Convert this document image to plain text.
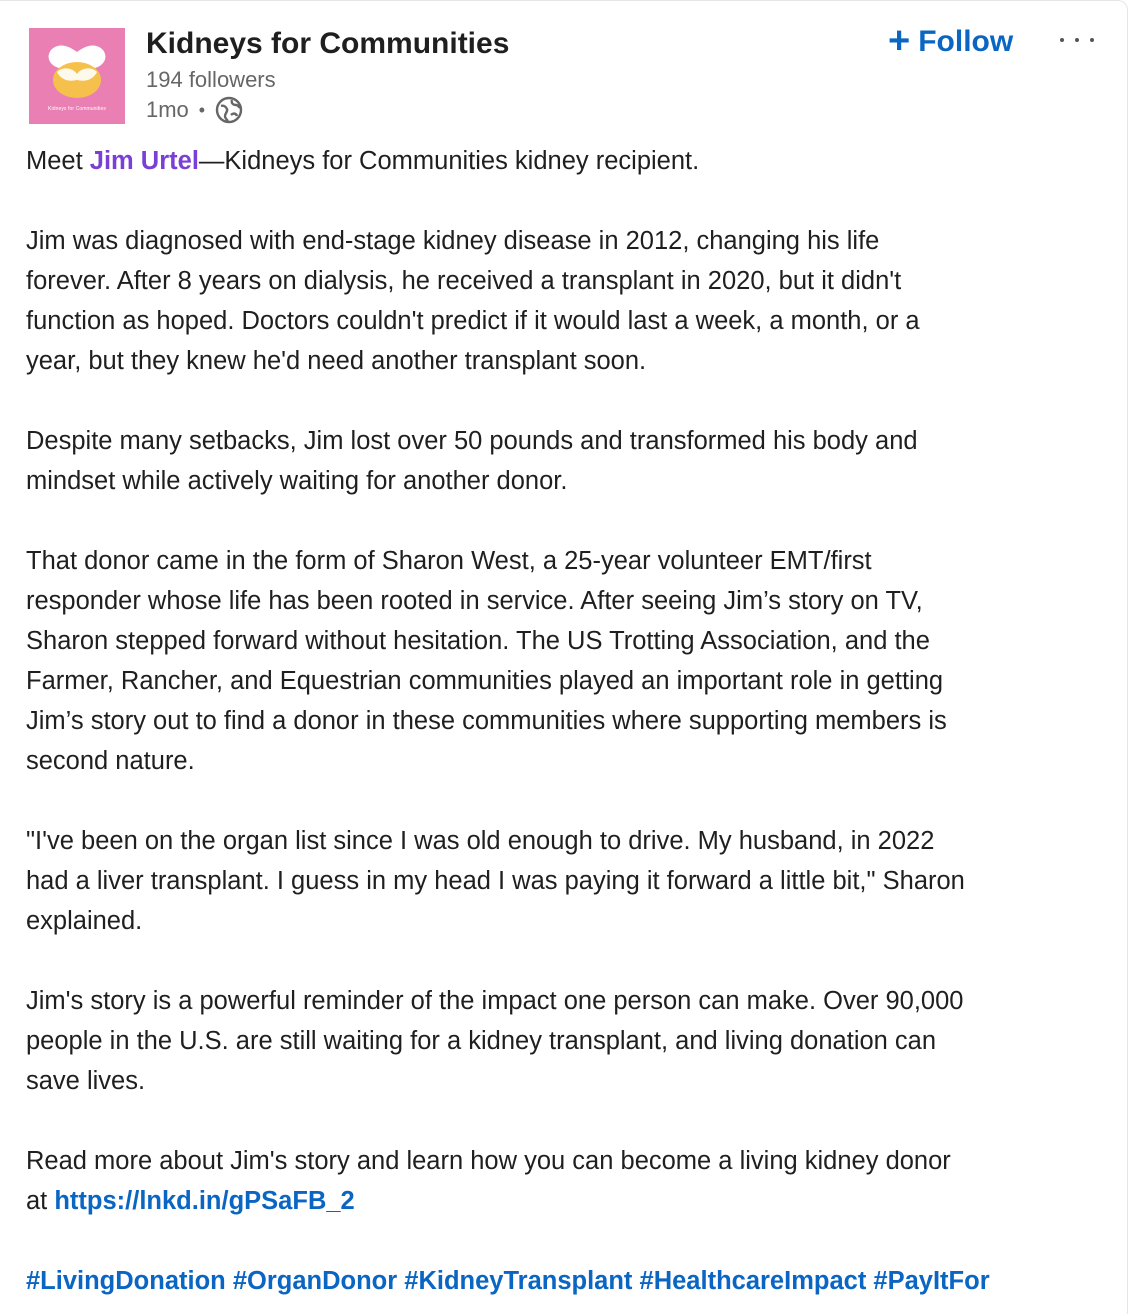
Kidneys for Communities
Kidneys for Communities
194 followers
1mo •
+ Follow

Meet Jim Urtel—Kidneys for Communities kidney recipient.

Jim was diagnosed with end-stage kidney disease in 2012, changing his life
forever. After 8 years on dialysis, he received a transplant in 2020, but it didn't
function as hoped. Doctors couldn't predict if it would last a week, a month, or a
year, but they knew he'd need another transplant soon.

Despite many setbacks, Jim lost over 50 pounds and transformed his body and
mindset while actively waiting for another donor.

That donor came in the form of Sharon West, a 25-year volunteer EMT/first
responder whose life has been rooted in service. After seeing Jim’s story on TV,
Sharon stepped forward without hesitation. The US Trotting Association, and the
Farmer, Rancher, and Equestrian communities played an important role in getting
Jim’s story out to find a donor in these communities where supporting members is
second nature.

"I've been on the organ list since I was old enough to drive. My husband, in 2022
had a liver transplant. I guess in my head I was paying it forward a little bit," Sharon
explained.

Jim's story is a powerful reminder of the impact one person can make. Over 90,000
people in the U.S. are still waiting for a kidney transplant, and living donation can
save lives.

Read more about Jim's story and learn how you can become a living kidney donor
at https://lnkd.in/gPSaFB_2

#LivingDonation #OrganDonor #KidneyTransplant #HealthcareImpact #PayItFor
